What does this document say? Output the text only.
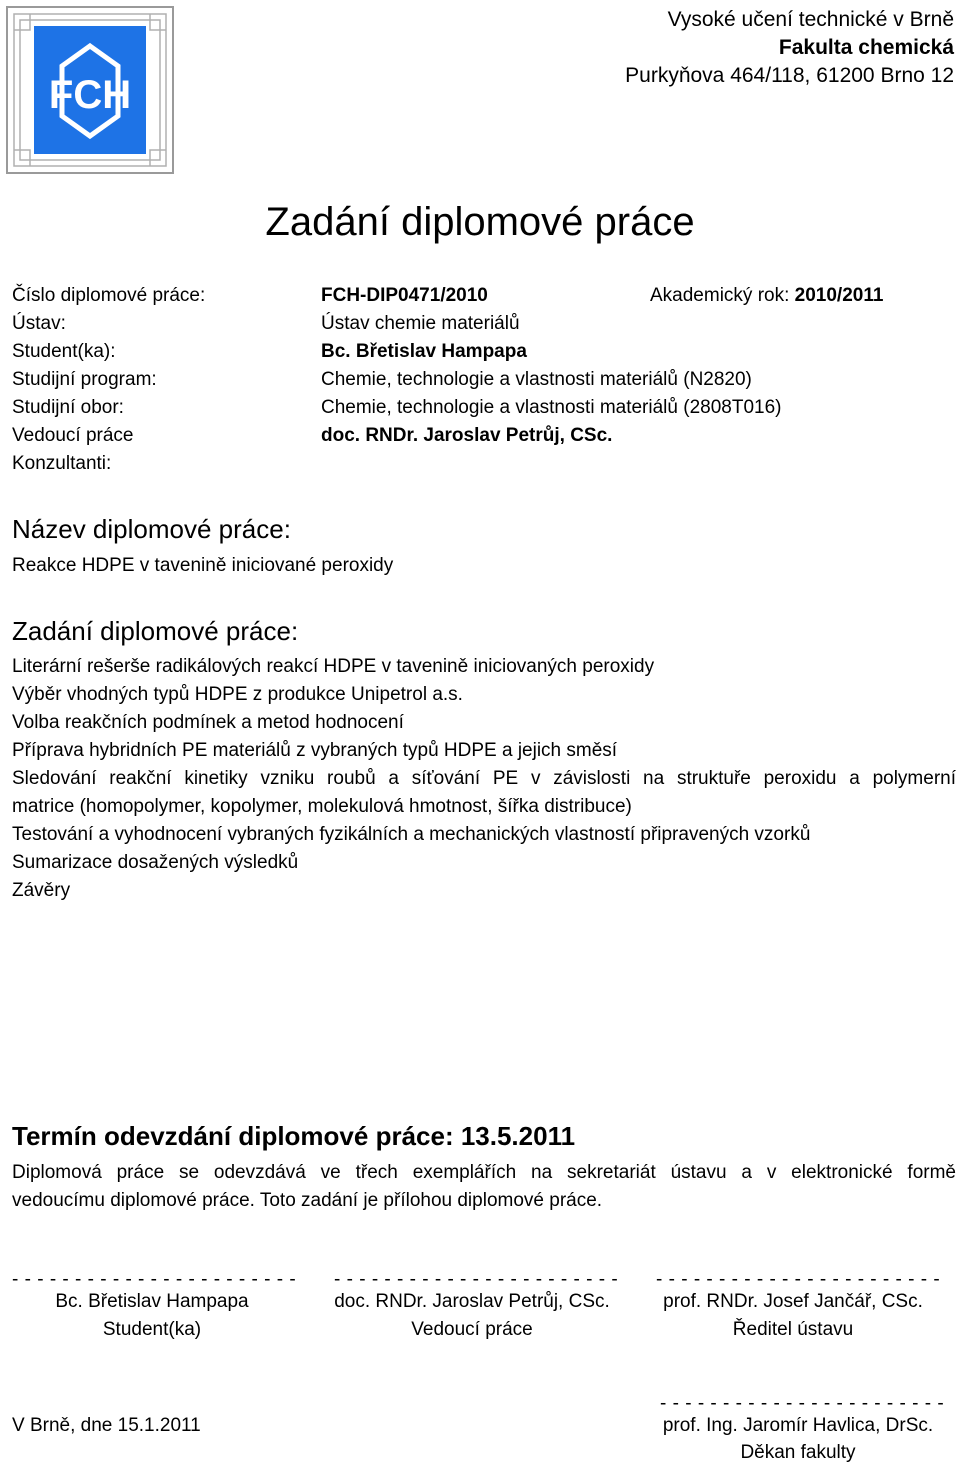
FCH
Vysoké učení technické v Brně
Fakulta chemická
Purkyňova 464/118, 61200 Brno 12
Zadání diplomové práce
Číslo diplomové práce:	FCH-DIP0471/2010	Akademický rok: 2010/2011
Ústav:	Ústav chemie materiálů
Student(ka):	Bc. Břetislav Hampapa
Studijní program:	Chemie, technologie a vlastnosti materiálů (N2820)
Studijní obor:	Chemie, technologie a vlastnosti materiálů (2808T016)
Vedoucí práce	doc. RNDr. Jaroslav Petrůj, CSc.
Konzultanti:
Název diplomové práce:
Reakce HDPE v tavenině iniciované peroxidy
Zadání diplomové práce:
Literární rešerše radikálových reakcí HDPE v tavenině iniciovaných peroxidy
Výběr vhodných typů HDPE z produkce Unipetrol a.s.
Volba reakčních podmínek a metod hodnocení
Příprava hybridních PE materiálů z vybraných typů HDPE a jejich směsí
Sledování reakční kinetiky vzniku roubů a síťování PE v závislosti na struktuře peroxidu a polymerní
matrice (homopolymer, kopolymer, molekulová hmotnost, šířka distribuce)
Testování a vyhodnocení vybraných fyzikálních a mechanických vlastností připravených vzorků
Sumarizace dosažených výsledků
Závěry
Termín odevzdání diplomové práce: 13.5.2011
Diplomová práce se odevzdává ve třech exemplářích na sekretariát ústavu a v elektronické formě
vedoucímu diplomové práce. Toto zadání je přílohou diplomové práce.
- - - - - - - - - - - - - - - - - - - - - - -	- - - - - - - - - - - - - - - - - - - - - - -	- - - - - - - - - - - - - - - - - - - - - - -
Bc. Břetislav Hampapa
Student(ka)
doc. RNDr. Jaroslav Petrůj, CSc.
Vedoucí práce
prof. RNDr. Josef Jančář, CSc.
Ředitel ústavu
- - - - - - - - - - - - - - - - - - - - - - -
V Brně, dne 15.1.2011	prof. Ing. Jaromír Havlica, DrSc.
Děkan fakulty
